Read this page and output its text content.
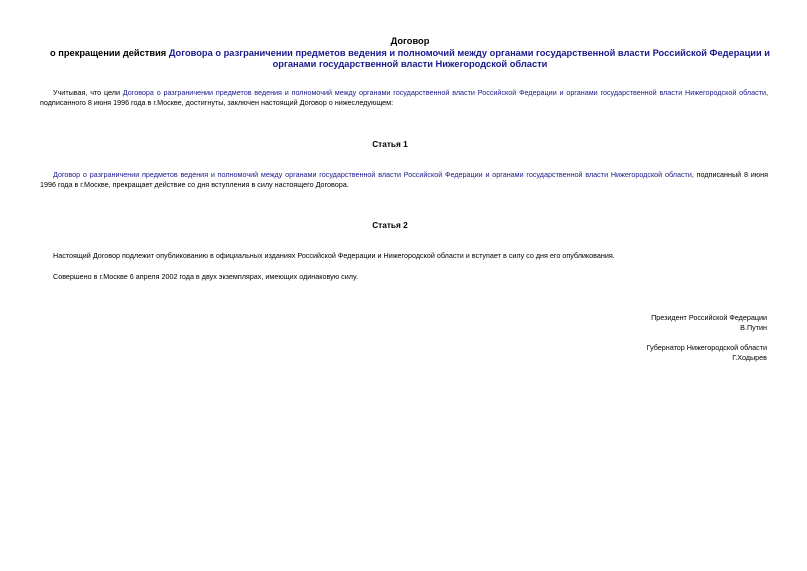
Договор
о прекращении действия Договора о разграничении предметов ведения и полномочий между органами государственной власти Российской Федерации и органами государственной власти Нижегородской области
Учитывая, что цели Договора о разграничении предметов ведения и полномочий между органами государственной власти Российской Федерации и органами государственной власти Нижегородской области, подписанного 8 июня 1996 года в г.Москве, достигнуты, заключен настоящий Договор о нижеследующем:
Статья 1
Договор о разграничении предметов ведения и полномочий между органами государственной власти Российской Федерации и органами государственной власти Нижегородской области, подписанный 8 июня 1996 года в г.Москве, прекращает действие со дня вступления в силу настоящего Договора.
Статья 2
Настоящий Договор подлежит опубликованию в официальных изданиях Российской Федерации и Нижегородской области и вступает в силу со дня его опубликования.
Совершено в г.Москве 6 апреля 2002 года в двух экземплярах, имеющих одинаковую силу.
Президент Российской Федерации
В.Путин
Губернатор Нижегородской области
Г.Ходырев
